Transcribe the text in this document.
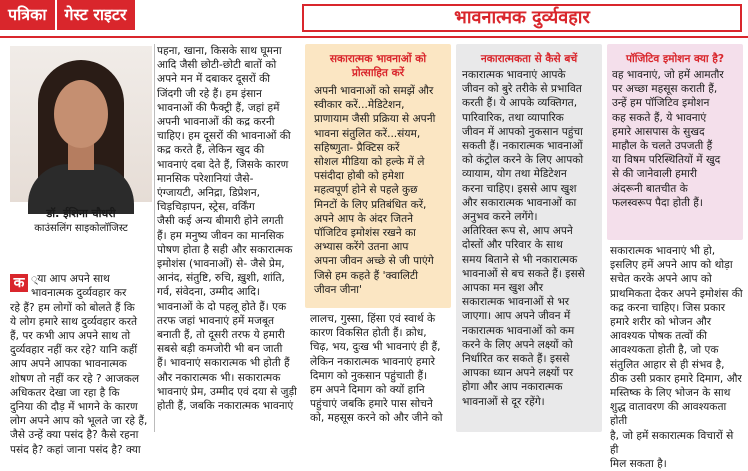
पत्रिका	गेस्ट राइटर	भावनात्मक दुर्व्यवहार
डॉ. ईशिना चौधरी
काउंसलिंग साइकोलॉजिस्ट

क ्या आप अपने साथ
भावनात्मक दुर्व्यवहार कर
रहे हैं? हम लोगों को बोलते हैं कि
ये लोग हमारे साथ दुर्व्यवहार करते
हैं, पर कभी आप अपने साथ तो
दुर्व्यवहार नहीं कर रहे? यानि कहीं
आप अपने आपका भावनात्मक
शोषण तो नहीं कर रहे ? आजकल
अधिकतर देखा जा रहा है कि
दुनिया की दौड़ में भागने के कारण
लोग अपने आप को भूलते जा रहे हैं,
जैसे उन्हें क्या पसंद है? कैसे रहना
पसंद है? कहां जाना पसंद है? क्या

पहना, खाना, किसके साथ घूमना
आदि जैसी छोटी-छोटी बातों को
अपने मन में दबाकर दूसरों की
जिंदगी जी रहे हैं। हम इंसान
भावनाओं की फैक्ट्री हैं, जहां हमें
अपनी भावनाओं की कद्र करनी
चाहिए। हम दूसरों की भावनाओं की
कद्र करते हैं, लेकिन खुद की
भावनाएं दबा देते हैं, जिसके कारण
मानसिक परेशानियां जैसे-
एंग्जायटी, अनिद्रा, डिप्रेशन,
चिड़चिड़ापन, स्ट्रेस, वर्किंग
जैसी कई अन्य बीमारी होने लगती
हैं। हम मनुष्य जीवन का मानसिक
पोषण होता है सही और सकारात्मक
इमोशंस (भावनाओं) से- जैसे प्रेम,
आनंद, संतुष्टि, रुचि, ख़ुशी, शांति,
गर्व, संवेदना, उम्मीद आदि।
भावनाओं के दो पहलू होते हैं। एक
तरफ जहां भावनाएं हमें मजबूत
बनाती हैं, तो दूसरी तरफ ये हमारी
सबसे बड़ी कमजोरी भी बन जाती
हैं। भावनाएं सकारात्मक भी होती हैं
और नकारात्मक भी। सकारात्मक
भावनाएं प्रेम, उम्मीद एवं दया से जुड़ी
होती हैं, जबकि नकारात्मक भावनाएं
सकारात्मक भावनाओं को
प्रोत्साहित करें
अपनी भावनाओं को समझें और
स्वीकार करें...मेडिटेशन,
प्राणायाम जैसी प्रक्रिया से अपनी
भावना संतुलित करें...संयम,
सहिष्णुता- प्रैक्टिस करें
सोशल मीडिया को हल्के में ले
पसंदीदा होबी को हमेशा
महत्वपूर्ण होने से पहले कुछ
मिनटों के लिए प्रतिबंधित करें,
अपने आप के अंदर जितने
पॉजिटिव इमोशंस रखने का
अभ्यास करेंगे उतना आप
अपना जीवन अच्छे से जी पाएंगे
जिसे हम कहते हैं 'क्वालिटी
जीवन जीना'
लालच, गुस्सा, हिंसा एवं स्वार्थ के
कारण विकसित होती हैं। क्रोध,
चिढ़, भय, दुःख भी भावनाएं ही हैं,
लेकिन नकारात्मक भावनाएं हमारे
दिमाग को नुकसान पहुंचाती हैं।
हम अपने दिमाग को क्यों हानि
पहुंचाएं जबकि हमारे पास सोचने
को, महसूस करने को और जीने को
नकारात्मकता से कैसे बचें
नकारात्मक भावनाएं आपके
जीवन को बुरे तरीके से प्रभावित
करती हैं। ये आपके व्यक्तिगत,
पारिवारिक, तथा व्यापारिक
जीवन में आपको नुकसान पहुंचा
सकती हैं। नकारात्मक भावनाओं
को कंट्रोल करने के लिए आपको
व्यायाम, योग तथा मेडिटेशन
करना चाहिए। इससे आप खुश
और सकारात्मक भावनाओं का
अनुभव करने लगेंगे।
अतिरिक्त रूप से, आप अपने
दोस्तों और परिवार के साथ
समय बिताने से भी नकारात्मक
भावनाओं से बच सकते हैं। इससे
आपका मन खुश और
सकारात्मक भावनाओं से भर
जाएगा। आप अपने जीवन में
नकारात्मक भावनाओं को कम
करने के लिए अपने लक्ष्यों को
निर्धारित कर सकते हैं। इससे
आपका ध्यान अपने लक्ष्यों पर
होगा और आप नकारात्मक
भावनाओं से दूर रहेंगे।
पॉजिटिव इमोशन क्या है?
वह भावनाएं, जो हमें आमतौर
पर अच्छा महसूस कराती हैं,
उन्हें हम पॉजिटिव इमोशन
कह सकते हैं, ये भावनाएं
हमारे आसपास के सुखद
माहौल के चलते उपजती हैं
या विषम परिस्थितियों में खुद
से की जानेवाली हमारी
अंदरूनी बातचीत के
फलस्वरूप पैदा होती हैं।
सकारात्मक भावनाएं भी हो,
इसलिए हमें अपने आप को थोड़ा
सचेत करके अपने आप को
प्राथमिकता देकर अपने इमोशंस की
कद्र करना चाहिए। जिस प्रकार
हमारे शरीर को भोजन और
आवश्यक पोषक तत्वों की
आवश्यकता होती है, जो एक
संतुलित आहार से ही संभव है,
ठीक उसी प्रकार हमारे दिमाग, और
मस्तिष्क के लिए भोजन के साथ
शुद्ध वातावरण की आवश्यकता होती
है, जो हमें सकारात्मक विचारों से ही
मिल सकता है।
